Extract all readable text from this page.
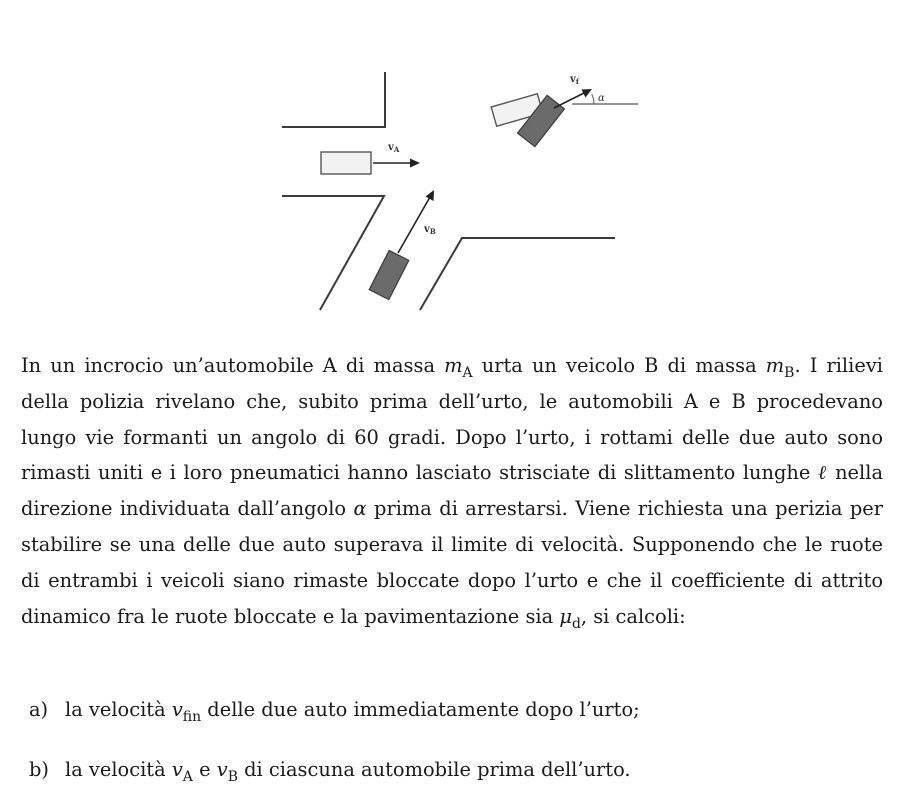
$v_A$
$v_B$
$v_f$
α

In un incrocio un’automobile A di massa $m_A$ urta un veicolo B di massa $m_B$. I rilievi della polizia rivelano che, subito prima dell’urto, le automobili A e B procedevano lungo vie formanti un angolo di 60 gradi. Dopo l’urto, i rottami delle due auto sono rimasti uniti e i loro pneumatici hanno lasciato strisciate di slittamento lunghe ℓ nella direzione individuata dall’angolo α prima di arrestarsi. Viene richiesta una perizia per stabilire se una delle due auto superava il limite di velocità. Supponendo che le ruote di entrambi i veicoli siano rimaste bloccate dopo l’urto e che il coefficiente di attrito dinamico fra le ruote bloccate e la pavimentazione sia $\mu_d$, si calcoli:

a) la velocità $v_{fin}$ delle due auto immediatamente dopo l’urto;
b) la velocità $v_A$ e $v_B$ di ciascuna automobile prima dell’urto.
